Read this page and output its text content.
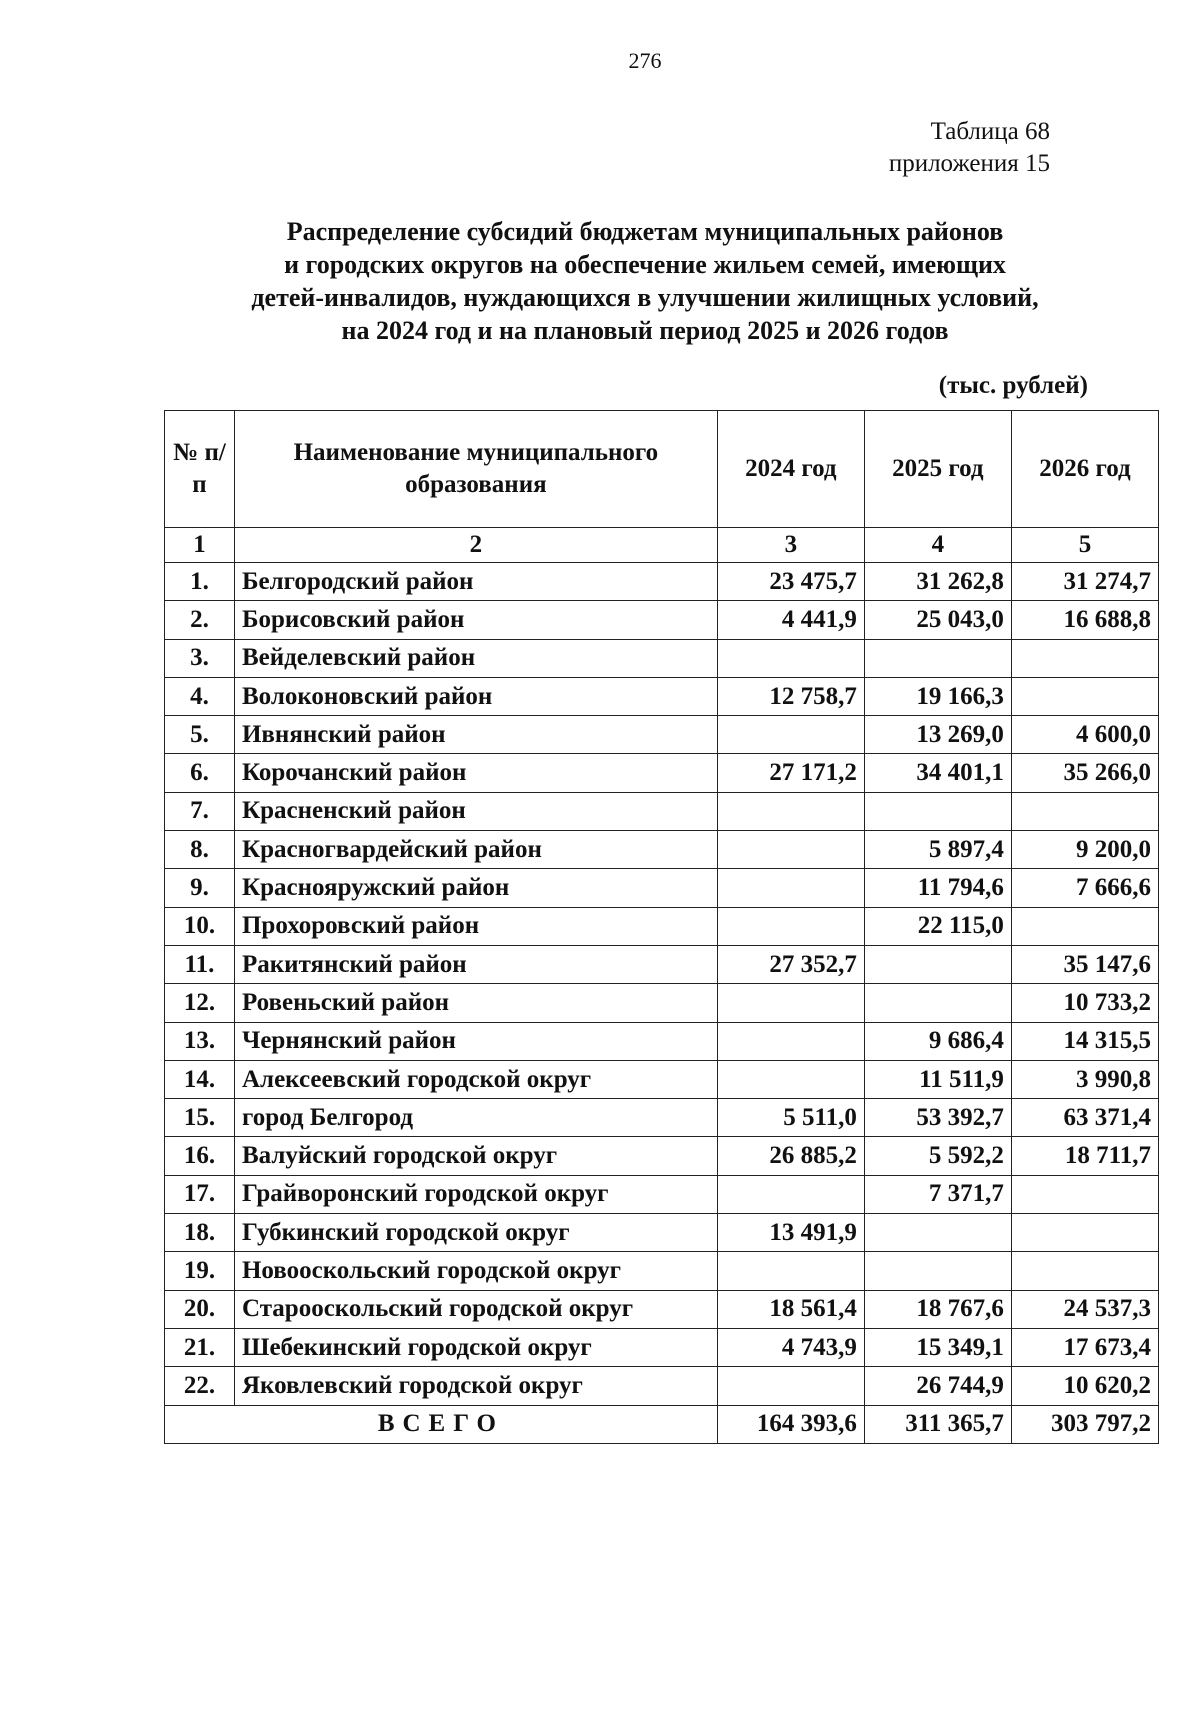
276
Таблица 68
приложения 15
Распределение субсидий бюджетам муниципальных районов
и городских округов на обеспечение жильем семей, имеющих
детей-инвалидов, нуждающихся в улучшении жилищных условий,
на 2024 год и на плановый период 2025 и 2026 годов
(тыс. рублей)
№ п/п	Наименование муниципального образования	2024 год	2025 год	2026 год
1	2	3	4	5
1.	Белгородский район	23 475,7	31 262,8	31 274,7
2.	Борисовский район	4 441,9	25 043,0	16 688,8
3.	Вейделевский район			
4.	Волоконовский район	12 758,7	19 166,3	
5.	Ивнянский район		13 269,0	4 600,0
6.	Корочанский район	27 171,2	34 401,1	35 266,0
7.	Красненский район			
8.	Красногвардейский район		5 897,4	9 200,0
9.	Краснояружский район		11 794,6	7 666,6
10.	Прохоровский район		22 115,0	
11.	Ракитянский район	27 352,7		35 147,6
12.	Ровеньский район			10 733,2
13.	Чернянский район		9 686,4	14 315,5
14.	Алексеевский городской округ		11 511,9	3 990,8
15.	город Белгород	5 511,0	53 392,7	63 371,4
16.	Валуйский городской округ	26 885,2	5 592,2	18 711,7
17.	Грайворонский городской округ		7 371,7	
18.	Губкинский городской округ	13 491,9		
19.	Новооскольский городской округ			
20.	Старооскольский городской округ	18 561,4	18 767,6	24 537,3
21.	Шебекинский городской округ	4 743,9	15 349,1	17 673,4
22.	Яковлевский городской округ		26 744,9	10 620,2
ВСЕГО		164 393,6	311 365,7	303 797,2
